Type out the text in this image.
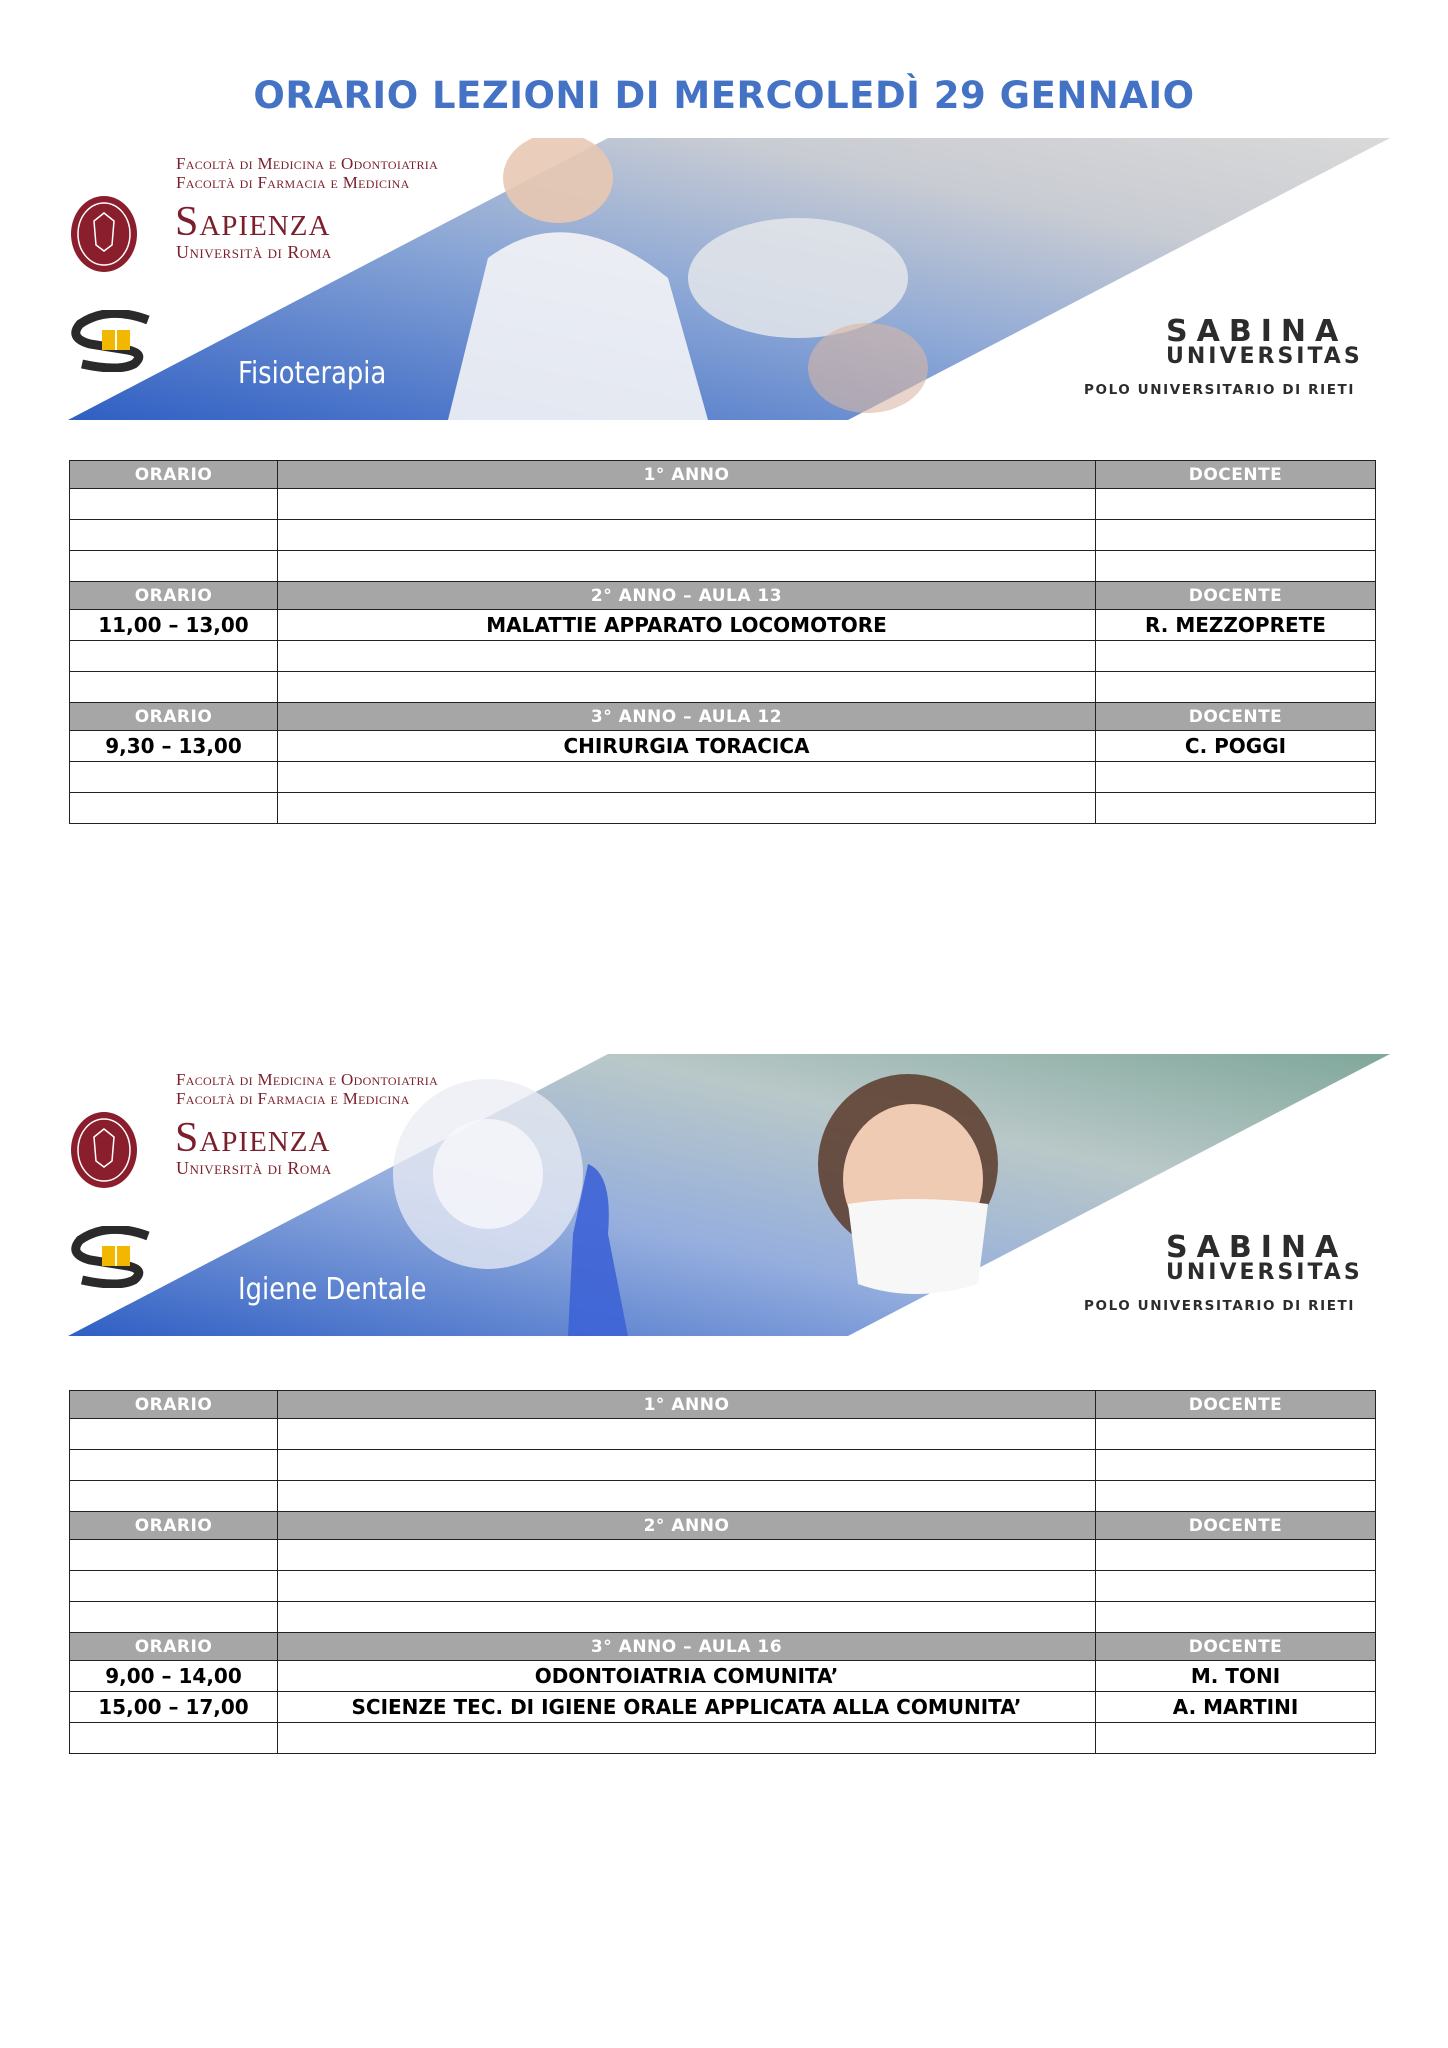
ORARIO LEZIONI DI MERCOLEDÌ 29 GENNAIO
Facoltà di Medicina e Odontoiatria
Facoltà di Farmacia e Medicina
Sapienza
Università di Roma
Fisioterapia
SABINA
UNIVERSITAS
POLO UNIVERSITARIO DI RIETI
ORARIO	1° ANNO	DOCENTE

ORARIO	2° ANNO – AULA 13	DOCENTE
11,00 – 13,00	MALATTIE APPARATO LOCOMOTORE	R. MEZZOPRETE

ORARIO	3° ANNO – AULA 12	DOCENTE
9,30 – 13,00	CHIRURGIA TORACICA	C. POGGI

Facoltà di Medicina e Odontoiatria
Facoltà di Farmacia e Medicina
Sapienza
Università di Roma
Igiene Dentale
SABINA
UNIVERSITAS
POLO UNIVERSITARIO DI RIETI
ORARIO	1° ANNO	DOCENTE

ORARIO	2° ANNO	DOCENTE

ORARIO	3° ANNO – AULA 16	DOCENTE
9,00 – 14,00	ODONTOIATRIA COMUNITA’	M. TONI
15,00 – 17,00	SCIENZE TEC. DI IGIENE ORALE APPLICATA ALLA COMUNITA’	A. MARTINI
